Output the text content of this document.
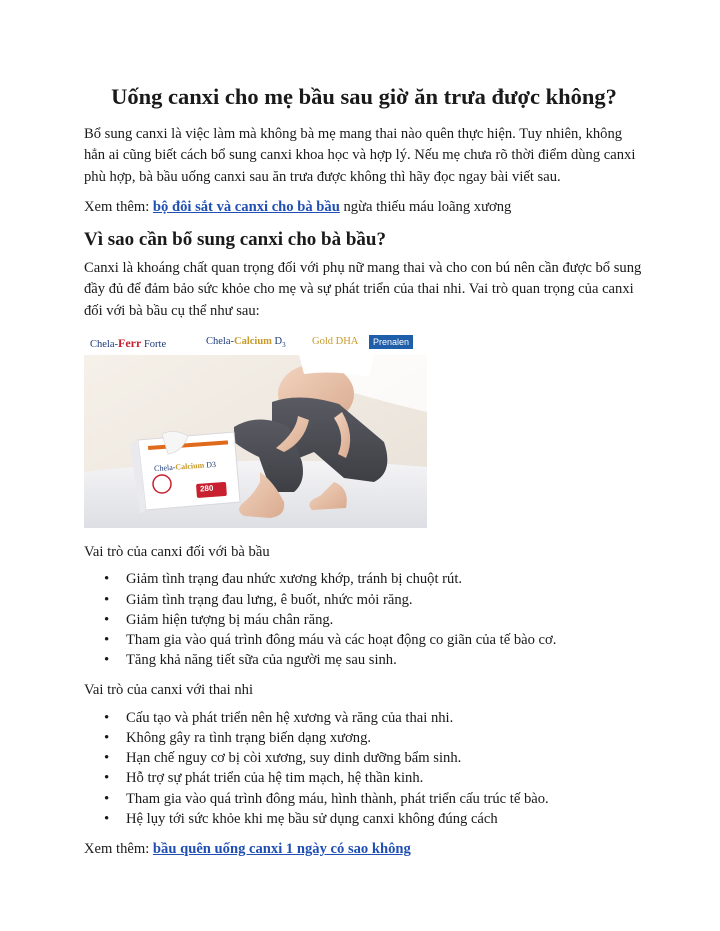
Uống canxi cho mẹ bầu sau giờ ăn trưa được không?

Bổ sung canxi là việc làm mà không bà mẹ mang thai nào quên thực hiện. Tuy nhiên, không hẳn ai cũng biết cách bổ sung canxi khoa học và hợp lý. Nếu mẹ chưa rõ thời điểm dùng canxi phù hợp, bà bầu uống canxi sau ăn trưa được không thì hãy đọc ngay bài viết sau.

Xem thêm: bộ đôi sắt và canxi cho bà bầu ngừa thiếu máu loãng xương

Vì sao cần bổ sung canxi cho bà bầu?

Canxi là khoáng chất quan trọng đối với phụ nữ mang thai và cho con bú nên cần được bổ sung đầy đủ để đảm bảo sức khỏe cho mẹ và sự phát triển của thai nhi. Vai trò quan trọng của canxi đối với bà bầu cụ thể như sau:

Chela-Ferr Forte	Chela-Calcium $D_3$	Gold DHA	Prenalen
Chela-Calcium D3
280

Vai trò của canxi đối với bà bầu

• Giảm tình trạng đau nhức xương khớp, tránh bị chuột rút.
• Giảm tình trạng đau lưng, ê buốt, nhức mỏi răng.
• Giảm hiện tượng bị máu chân răng.
• Tham gia vào quá trình đông máu và các hoạt động co giãn của tế bào cơ.
• Tăng khả năng tiết sữa của người mẹ sau sinh.

Vai trò của canxi với thai nhi

• Cấu tạo và phát triển nên hệ xương và răng của thai nhi.
• Không gây ra tình trạng biến dạng xương.
• Hạn chế nguy cơ bị còi xương, suy dinh dưỡng bẩm sinh.
• Hỗ trợ sự phát triển của hệ tim mạch, hệ thần kinh.
• Tham gia vào quá trình đông máu, hình thành, phát triển cấu trúc tế bào.
• Hệ lụy tới sức khỏe khi mẹ bầu sử dụng canxi không đúng cách

Xem thêm: bầu quên uống canxi 1 ngày có sao không
